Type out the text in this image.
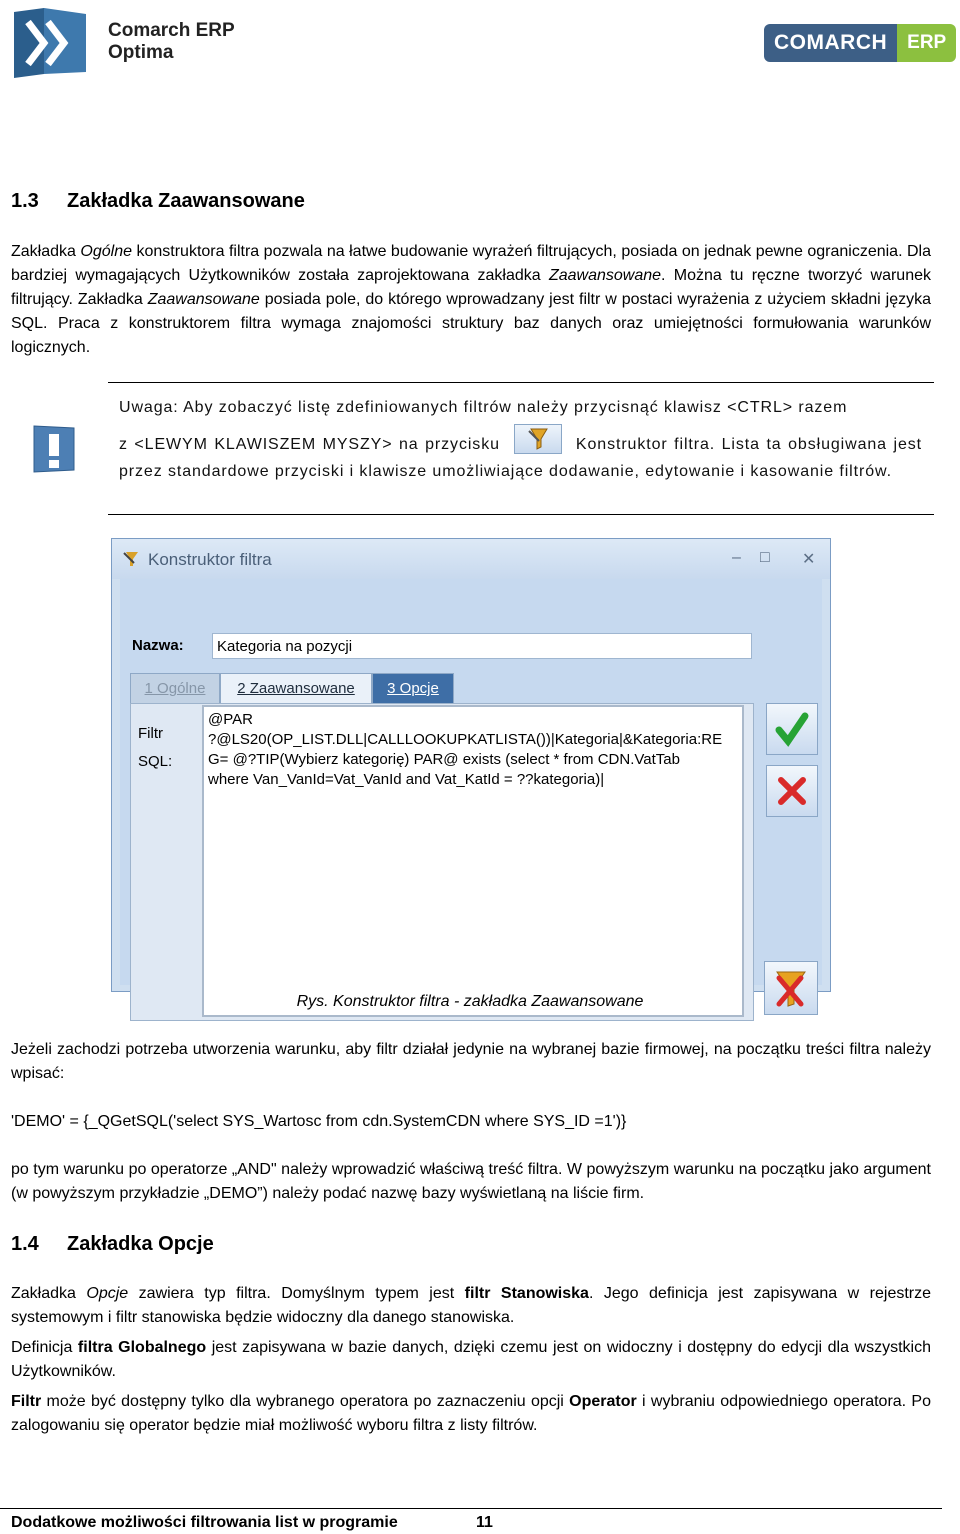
Comarch ERP
Optima	COMARCH	ERP
1.3 Zakładka Zaawansowane
Zakładka Ogólne konstruktora filtra pozwala na łatwe budowanie wyrażeń filtrujących, posiada on jednak pewne ograniczenia. Dla bardziej wymagających Użytkowników została zaprojektowana zakładka Zaawansowane. Można tu ręczne tworzyć warunek filtrujący. Zakładka Zaawansowane posiada pole, do którego wprowadzany jest filtr w postaci wyrażenia z użyciem składni języka SQL. Praca z konstruktorem filtra wymaga znajomości struktury baz danych oraz umiejętności formułowania warunków logicznych.
Uwaga: Aby zobaczyć listę zdefiniowanych filtrów należy przycisnąć klawisz <CTRL> razem
z <LEWYM KLAWISZEM MYSZY> na przycisku	Konstruktor filtra. Lista ta obsługiwana jest przez standardowe przyciski i klawisze umożliwiające dodawanie, edytowanie i kasowanie filtrów.
Konstruktor filtra	– □ ✕
Nazwa:	Kategoria na pozycji
1 Ogólne	2 Zaawansowane	3 Opcje
Filtr
SQL:
@PAR
?@LS20(OP_LIST.DLL|CALLLOOKUPKATLISTA())|Kategoria|&Kategoria:RE
G= @?TIP(Wybierz kategorię) PAR@ exists (select * from CDN.VatTab
where Van_VanId=Vat_VanId and Vat_KatId = ??kategoria)|
Rys. Konstruktor filtra - zakładka Zaawansowane
Jeżeli zachodzi potrzeba utworzenia warunku, aby filtr działał jedynie na wybranej bazie firmowej, na początku treści filtra należy wpisać:
'DEMO' = {_QGetSQL('select SYS_Wartosc from cdn.SystemCDN where SYS_ID =1')}
po tym warunku po operatorze „AND" należy wprowadzić właściwą treść filtra. W powyższym warunku na początku jako argument (w powyższym przykładzie „DEMO”) należy podać nazwę bazy wyświetlaną na liście firm.
1.4 Zakładka Opcje
Zakładka Opcje zawiera typ filtra. Domyślnym typem jest filtr Stanowiska. Jego definicja jest zapisywana w rejestrze systemowym i filtr stanowiska będzie widoczny dla danego stanowiska.
Definicja filtra Globalnego jest zapisywana w bazie danych, dzięki czemu jest on widoczny i dostępny do edycji dla wszystkich Użytkowników.
Filtr może być dostępny tylko dla wybranego operatora po zaznaczeniu opcji Operator i wybraniu odpowiedniego operatora. Po zalogowaniu się operator będzie miał możliwość wyboru filtra z listy filtrów.
Dodatkowe możliwości filtrowania list w programie	11
